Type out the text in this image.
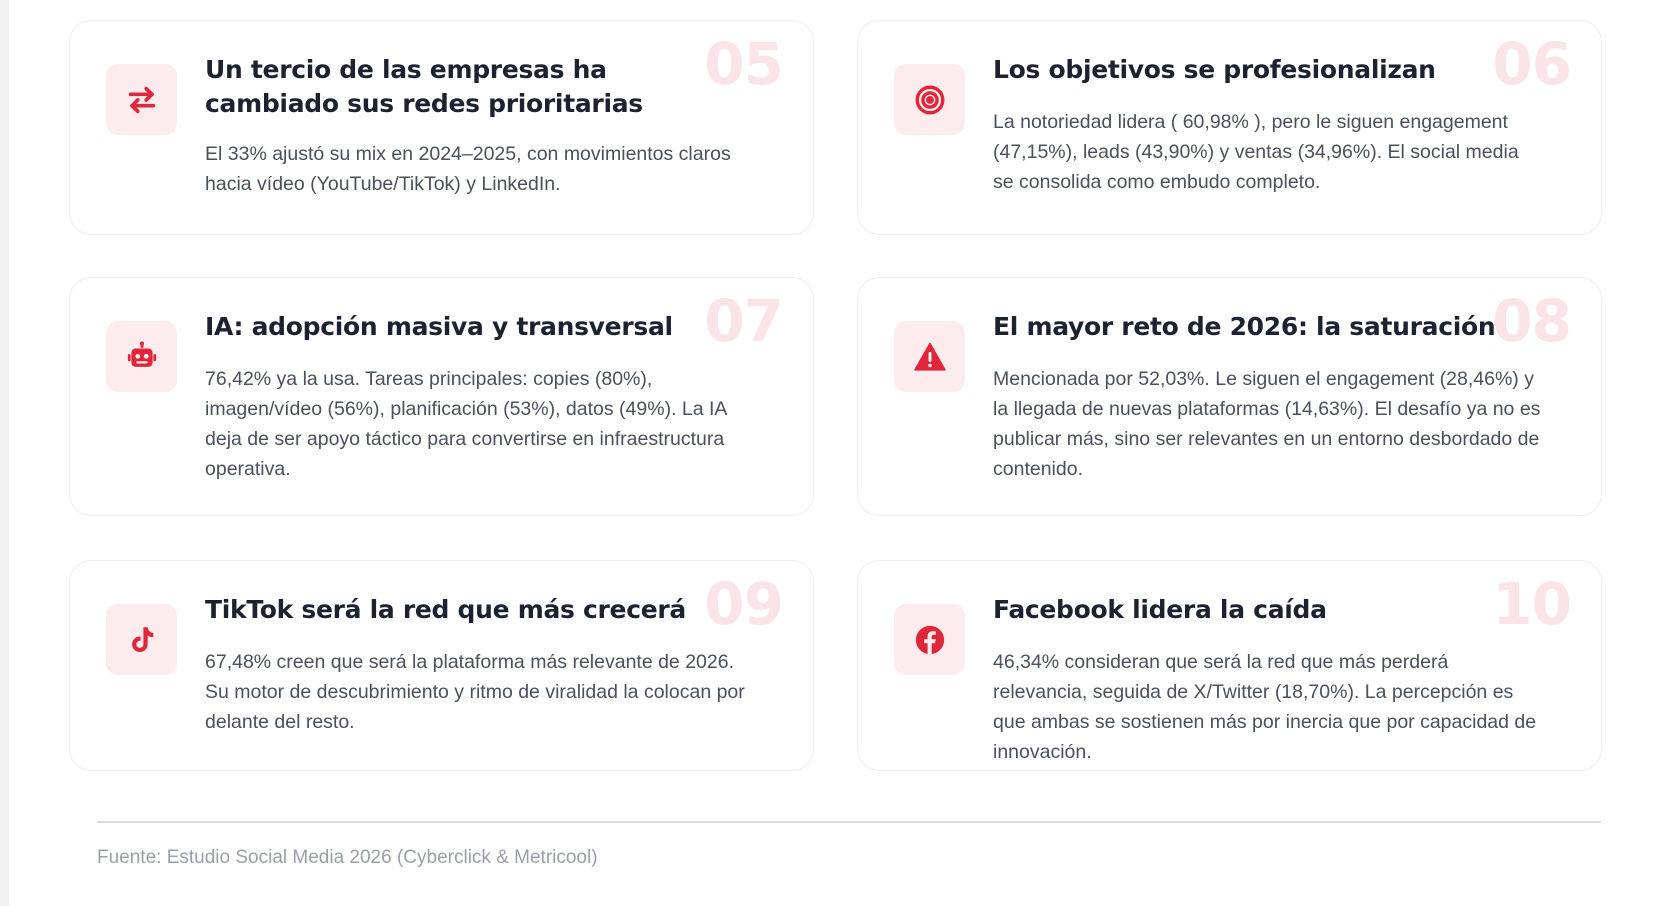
05
Un tercio de las empresas ha cambiado sus redes prioritarias
El 33% ajustó su mix en 2024–2025, con movimientos claros hacia vídeo (YouTube/TikTok) y LinkedIn.
06
Los objetivos se profesionalizan
La notoriedad lidera ( 60,98% ), pero le siguen engagement (47,15%), leads (43,90%) y ventas (34,96%). El social media se consolida como embudo completo.
07
IA: adopción masiva y transversal
76,42% ya la usa. Tareas principales: copies (80%), imagen/vídeo (56%), planificación (53%), datos (49%). La IA deja de ser apoyo táctico para convertirse en infraestructura operativa.
08
El mayor reto de 2026: la saturación
Mencionada por 52,03%. Le siguen el engagement (28,46%) y la llegada de nuevas plataformas (14,63%). El desafío ya no es publicar más, sino ser relevantes en un entorno desbordado de contenido.
09
TikTok será la red que más crecerá
67,48% creen que será la plataforma más relevante de 2026. Su motor de descubrimiento y ritmo de viralidad la colocan por delante del resto.
10
Facebook lidera la caída
46,34% consideran que será la red que más perderá relevancia, seguida de X/Twitter (18,70%). La percepción es que ambas se sostienen más por inercia que por capacidad de innovación.
Fuente: Estudio Social Media 2026 (Cyberclick & Metricool)
